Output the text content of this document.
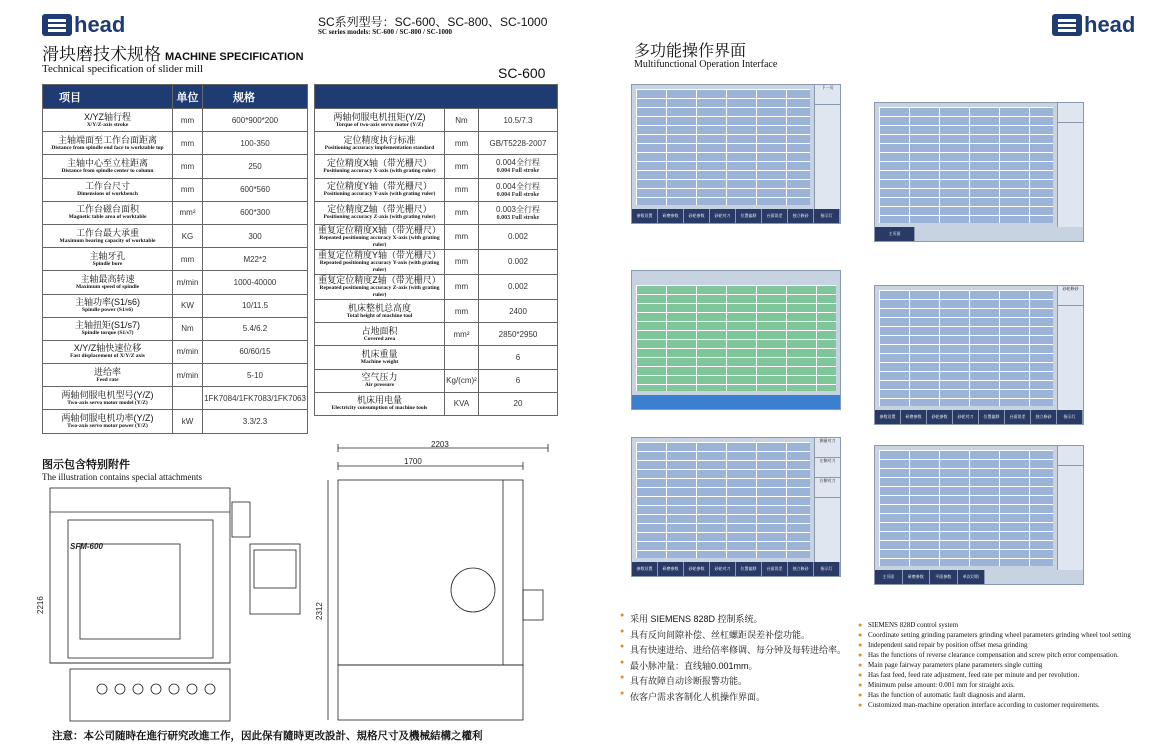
head	SC系列型号：SC-600、SC-800、SC-1000
SC series models: SC-600 / SC-800 / SC-1000
滑块磨技术规格 MACHINE SPECIFICATION
Technical specification of slider mill	SC-600
项目	单位	规格

X/YZ轴行程
X/Y/Z-axis stroke	mm	600*900*200

主轴端面至工作台面距离
Distance from spindle end face to worktable top	mm	100-350

主轴中心至立柱距离
Distance from spindle center to column	mm	250

工作台尺寸
Dimensions of workbench	mm	600*560

工作台磁台面积
Magnetic table area of worktable	mm²	600*300

工作台最大承重
Maximum bearing capacity of worktable	KG	300

主轴牙孔
Spindle bore	mm	M22*2

主轴最高转速
Maximum speed of spindle	m/min	1000-40000

主轴功率(S1/s6)
Spindle power (S1/s6)	KW	10/11.5

主轴扭矩(S1/s7)
Spindle torque (S1/s7)	Nm	5.4/6.2

X/Y/Z轴快速位移
Fast displacement of X/Y/Z axis	m/min	60/60/15

进给率
Feed rate	m/min	5-10

两轴伺服电机型号(Y/Z)
Two-axis servo motor model (Y/Z)		1FK7084/1FK7083/1FK7063

两轴伺服电机功率(Y/Z)
Two-axis servo motor power (Y/Z)	kW	3.3/2.3

两轴伺服电机扭矩(Y/Z)
Torque of two-axis servo motor (Y/Z)	Nm	10.5/7.3

定位精度执行标准
Positioning accuracy implementation standard	mm	GB/T5228-2007

定位精度X轴（带光栅尺）
Positioning accuracy X-axis (with grating ruler)	mm	0.004全行程
0.004 Full stroke

定位精度Y轴（带光栅尺）
Positioning accuracy Y-axis (with grating ruler)	mm	0.004全行程
0.004 Full stroke

定位精度Z轴（带光栅尺）
Positioning accuracy Z-axis (with grating ruler)	mm	0.003全行程
0.003 Full stroke

重复定位精度X轴（带光栅尺）
Repeated positioning accuracy X-axis (with grating ruler)	mm	0.002

重复定位精度Y轴（带光栅尺）
Repeated positioning accuracy Y-axis (with grating ruler)	mm	0.002

重复定位精度Z轴（带光栅尺）
Repeated positioning accuracy Z-axis (with grating ruler)	mm	0.002

机床整机总高度
Total height of machine tool	mm	2400

占地面积
Covered area	mm²	2850*2950

机床重量
Machine weight		6

空气压力
Air pressure	Kg/(cm)²	6

机床用电量
Electricity consumption of machine tools	KVA	20
图示包含特别附件
The illustration contains special attachments
SFM-600
2216
2203
1700
2312
注意：本公司随時在進行研究改進工作，因此保有隨時更改設計、規格尺寸及機械結構之權利
head
多功能操作界面
Multifunctional Operation Interface
下一页
参数设置	研磨参数	砂轮参数	砂轮对刀	位置偏移	台面误差	独立修砂	指示灯
主页面
砂轮修砂
参数设置	研磨参数	砂轮参数	砂轮对刀	位置偏移	台面误差	独立修砂	指示灯
测量对刀
左侧对刀
右侧对刀
参数设置	研磨参数	砂轮参数	砂轮对刀	位置偏移	台面误差	独立修砂	指示灯
主页面	研磨参数	平面参数	单次切削
● 采用 SIEMENS 828D 控制系统。
● 具有反向间隙补偿、丝杠螺距误差补偿功能。
● 具有快速进给、进给倍率修调、每分钟及每转进给率。
● 最小脉冲量：直线轴0.001mm。
● 具有故障自动诊断报警功能。
● 依客户需求客制化人机操作界面。
● SIEMENS 828D control system
● Coordinate setting grinding parameters grinding wheel parameters grinding wheel tool setting
● Independent sand repair by position offset mesa grinding
● Has the functions of reverse clearance compensation and screw pitch error compensation.
● Main page fairway parameters plane parameters single cutting
● Has fast feed, feed rate adjustment, feed rate per minute and per revolution.
● Minimum pulse amount: 0.001 mm for straight axis.
● Has the function of automatic fault diagnosis and alarm.
● Customized man-machine operation interface according to customer requirements.
